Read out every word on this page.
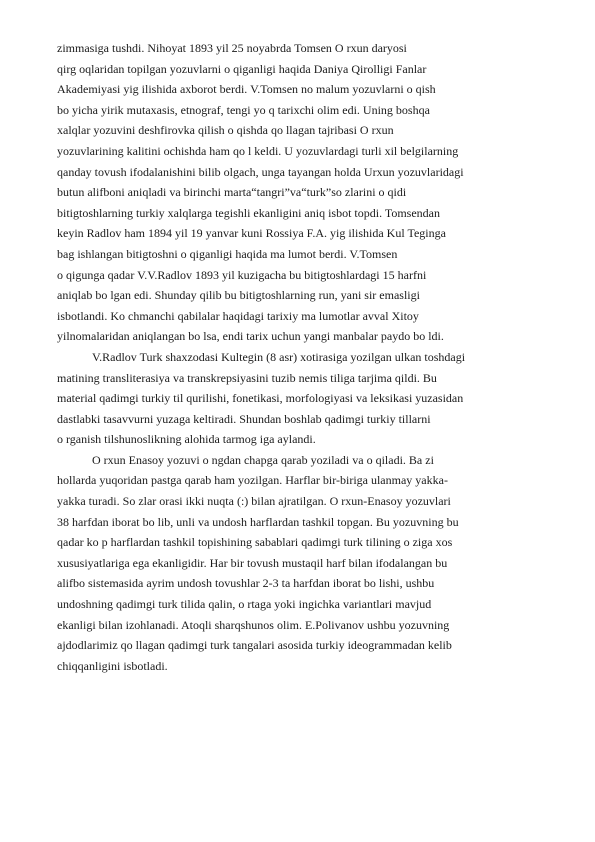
zimmasiga tushdi. Nihoyat 1893 yil 25 noyabrda Tomsen O rxun daryosi
qirg oqlaridan topilgan yozuvlarni o qiganligi haqida Daniya Qirolligi Fanlar
Akademiyasi yig ilishida axborot berdi. V.Tomsen no malum yozuvlarni o qish
bo yicha yirik mutaxasis, etnograf, tengi yo q tarixchi olim edi. Uning boshqa
xalqlar yozuvini deshfirovka qilish o qishda qo llagan tajribasi O rxun
yozuvlarining kalitini ochishda ham qo l keldi. U yozuvlardagi turli xil belgilarning
qanday tovush ifodalanishini bilib olgach, unga tayangan holda Urxun yozuvlaridagi
butun alifboni aniqladi va birinchi marta“tangri”va“turk”so zlarini o qidi
bitigtoshlarning turkiy xalqlarga tegishli ekanligini aniq isbot topdi. Tomsendan
keyin Radlov ham 1894 yil 19 yanvar kuni Rossiya F.A. yig ilishida Kul Teginga
bag ishlangan bitigtoshni o qiganligi haqida ma lumot berdi. V.Tomsen
o qigunga qadar V.V.Radlov 1893 yil kuzigacha bu bitigtoshlardagi 15 harfni
aniqlab bo lgan edi. Shunday qilib bu bitigtoshlarning run, yani sir emasligi
isbotlandi. Ko chmanchi qabilalar haqidagi tarixiy ma lumotlar avval Xitoy
yilnomalaridan aniqlangan bo lsa, endi tarix uchun yangi manbalar paydo bo ldi.
V.Radlov Turk shaxzodasi Kultegin (8 asr) xotirasiga yozilgan ulkan toshdagi
matining transliterasiya va transkrepsiyasini tuzib nemis tiliga tarjima qildi. Bu
material qadimgi turkiy til qurilishi, fonetikasi, morfologiyasi va leksikasi yuzasidan
dastlabki tasavvurni yuzaga keltiradi. Shundan boshlab qadimgi turkiy tillarni
o rganish tilshunoslikning alohida tarmog iga aylandi.
O rxun Enasoy yozuvi o ngdan chapga qarab yoziladi va o qiladi. Ba zi
hollarda yuqoridan pastga qarab ham yozilgan. Harflar bir-biriga ulanmay yakka-
yakka turadi. So zlar orasi ikki nuqta (:) bilan ajratilgan. O rxun-Enasoy yozuvlari
38 harfdan iborat bo lib, unli va undosh harflardan tashkil topgan. Bu yozuvning bu
qadar ko p harflardan tashkil topishining sabablari qadimgi turk tilining o ziga xos
xususiyatlariga ega ekanligidir. Har bir tovush mustaqil harf bilan ifodalangan bu
alifbo sistemasida ayrim undosh tovushlar 2-3 ta harfdan iborat bo lishi, ushbu
undoshning qadimgi turk tilida qalin, o rtaga yoki ingichka variantlari mavjud
ekanligi bilan izohlanadi. Atoqli sharqshunos olim. E.Polivanov ushbu yozuvning
ajdodlarimiz qo llagan qadimgi turk tangalari asosida turkiy ideogrammadan kelib
chiqqanligini isbotladi.
